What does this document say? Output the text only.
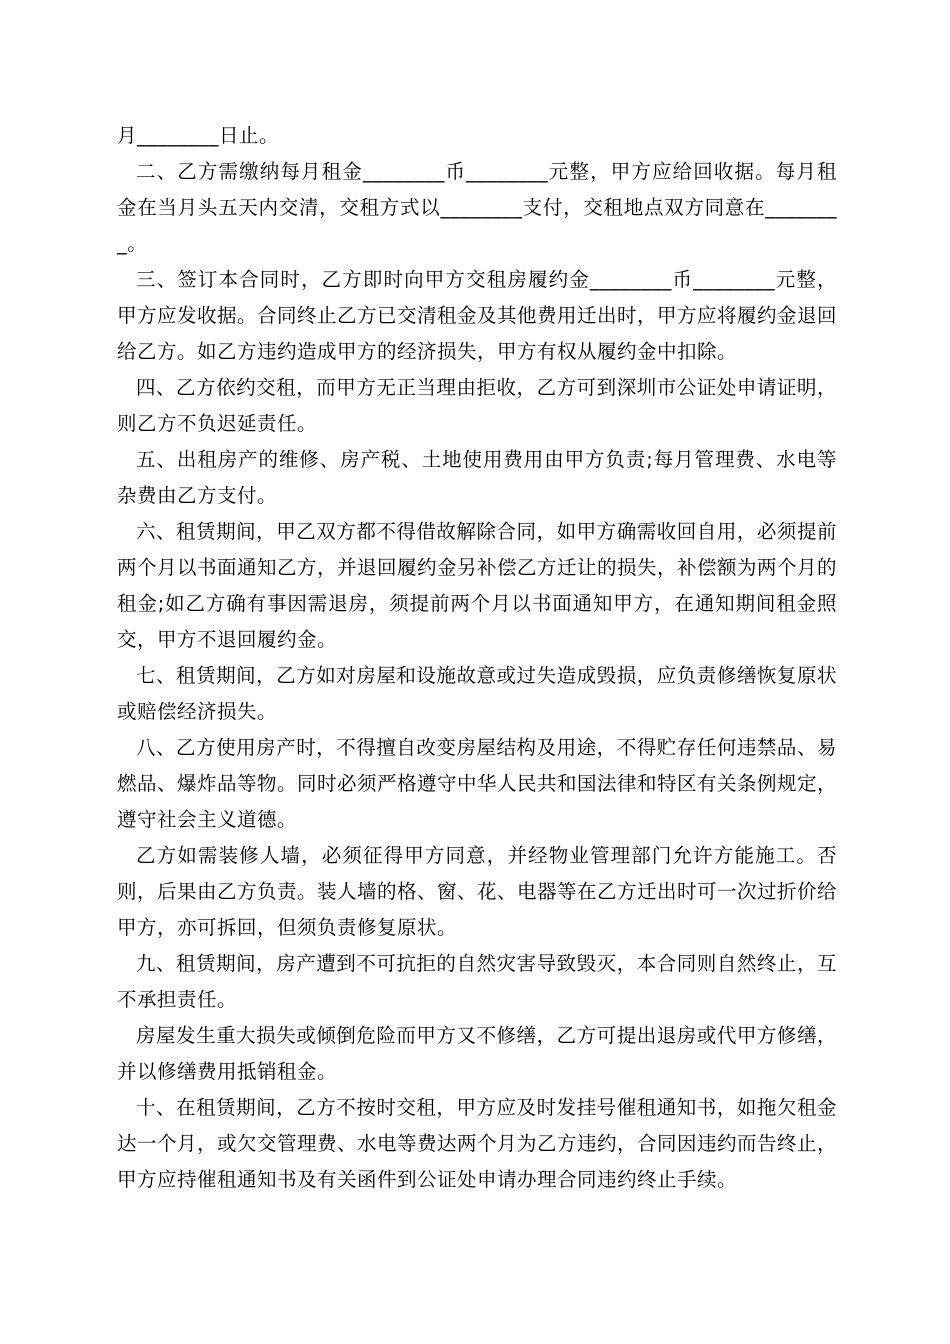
月________日止。

二、乙方需缴纳每月租金________币________元整，甲方应给回收据。每月租金在当月头五天内交清，交租方式以________支付，交租地点双方同意在________。

三、签订本合同时，乙方即时向甲方交租房履约金________币________元整，甲方应发收据。合同终止乙方已交清租金及其他费用迁出时，甲方应将履约金退回给乙方。如乙方违约造成甲方的经济损失，甲方有权从履约金中扣除。

四、乙方依约交租，而甲方无正当理由拒收，乙方可到深圳市公证处申请证明，则乙方不负迟延责任。

五、出租房产的维修、房产税、土地使用费用由甲方负责;每月管理费、水电等杂费由乙方支付。

六、租赁期间，甲乙双方都不得借故解除合同，如甲方确需收回自用，必须提前两个月以书面通知乙方，并退回履约金另补偿乙方迁让的损失，补偿额为两个月的租金;如乙方确有事因需退房，须提前两个月以书面通知甲方，在通知期间租金照交，甲方不退回履约金。

七、租赁期间，乙方如对房屋和设施故意或过失造成毁损，应负责修缮恢复原状或赔偿经济损失。

八、乙方使用房产时，不得擅自改变房屋结构及用途，不得贮存任何违禁品、易燃品、爆炸品等物。同时必须严格遵守中华人民共和国法律和特区有关条例规定，遵守社会主义道德。

乙方如需装修人墙，必须征得甲方同意，并经物业管理部门允许方能施工。否则，后果由乙方负责。装人墙的格、窗、花、电器等在乙方迁出时可一次过折价给甲方，亦可拆回，但须负责修复原状。

九、租赁期间，房产遭到不可抗拒的自然灾害导致毁灭，本合同则自然终止，互不承担责任。

房屋发生重大损失或倾倒危险而甲方又不修缮，乙方可提出退房或代甲方修缮，并以修缮费用抵销租金。

十、在租赁期间，乙方不按时交租，甲方应及时发挂号催租通知书，如拖欠租金达一个月，或欠交管理费、水电等费达两个月为乙方违约，合同因违约而告终止，甲方应持催租通知书及有关函件到公证处申请办理合同违约终止手续。
